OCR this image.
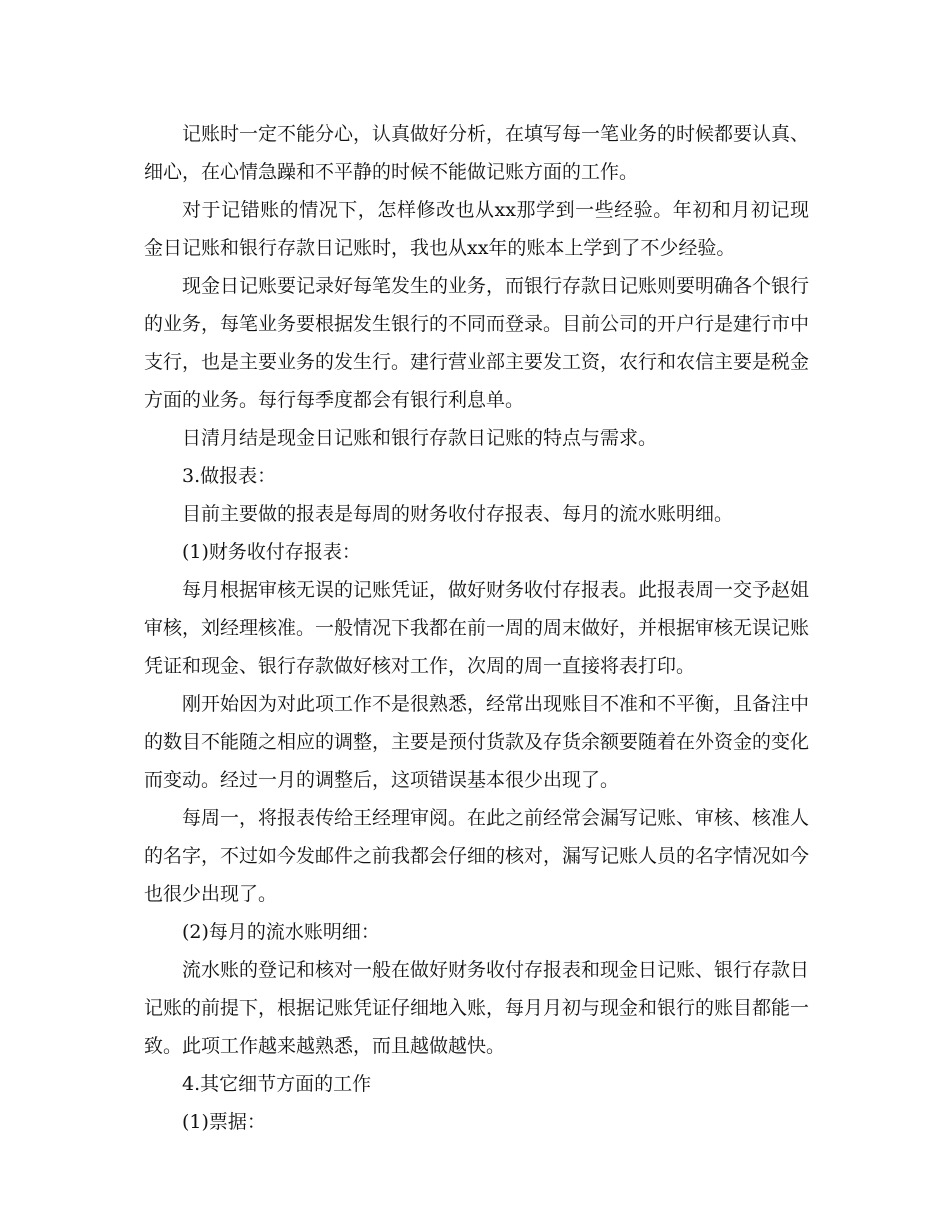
记账时一定不能分心，认真做好分析，在填写每一笔业务的时候都要认真、细心，在心情急躁和不平静的时候不能做记账方面的工作。

对于记错账的情况下，怎样修改也从xx那学到一些经验。年初和月初记现金日记账和银行存款日记账时，我也从xx年的账本上学到了不少经验。

现金日记账要记录好每笔发生的业务，而银行存款日记账则要明确各个银行的业务，每笔业务要根据发生银行的不同而登录。目前公司的开户行是建行市中支行，也是主要业务的发生行。建行营业部主要发工资，农行和农信主要是税金方面的业务。每行每季度都会有银行利息单。

日清月结是现金日记账和银行存款日记账的特点与需求。

3.做报表：

目前主要做的报表是每周的财务收付存报表、每月的流水账明细。

(1)财务收付存报表：

每月根据审核无误的记账凭证，做好财务收付存报表。此报表周一交予赵姐审核，刘经理核准。一般情况下我都在前一周的周末做好，并根据审核无误记账凭证和现金、银行存款做好核对工作，次周的周一直接将表打印。

刚开始因为对此项工作不是很熟悉，经常出现账目不准和不平衡，且备注中的数目不能随之相应的调整，主要是预付货款及存货余额要随着在外资金的变化而变动。经过一月的调整后，这项错误基本很少出现了。

每周一，将报表传给王经理审阅。在此之前经常会漏写记账、审核、核准人的名字，不过如今发邮件之前我都会仔细的核对，漏写记账人员的名字情况如今也很少出现了。

(2)每月的流水账明细：

流水账的登记和核对一般在做好财务收付存报表和现金日记账、银行存款日记账的前提下，根据记账凭证仔细地入账，每月月初与现金和银行的账目都能一致。此项工作越来越熟悉，而且越做越快。

4.其它细节方面的工作

(1)票据：
